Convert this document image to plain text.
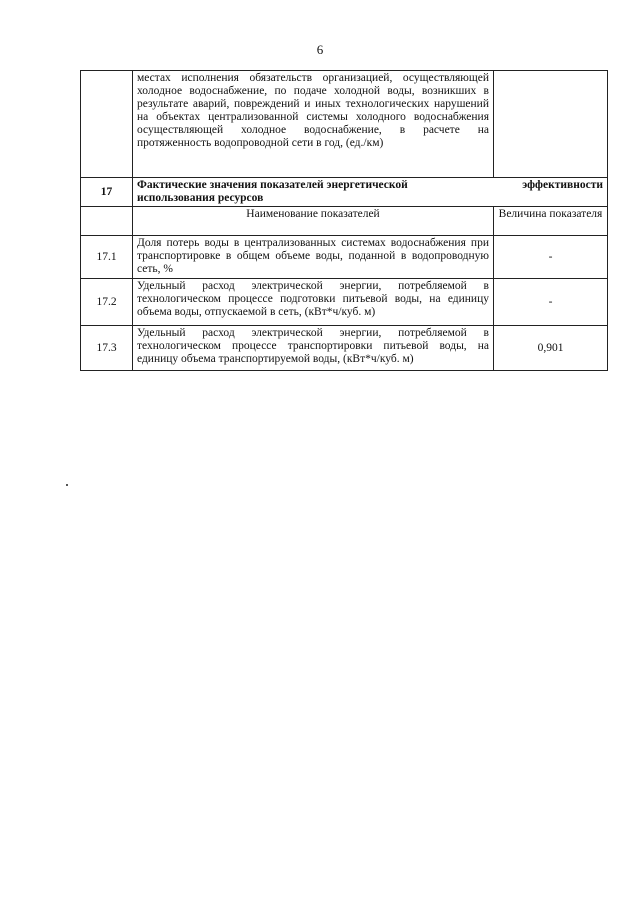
6
	местах исполнения обязательств организацией, осуществляющей холодное водоснабжение, по подаче холодной воды, возникших в результате аварий, повреждений и иных технологических нарушений на объектах централизованной системы холодного водоснабжения осуществляющей холодное водоснабжение, в расчете на протяженность водопроводной сети в год, (ед./км)	
17	Фактические значения показателей энергетической эффективности
использования ресурсов	

	Наименование показателей	Величина показателя
17.1	Доля потерь воды в централизованных системах водоснабжения при транспортировке в общем объеме воды, поданной в водопроводную сеть, %	-
17.2	Удельный расход электрической энергии, потребляемой в технологическом процессе подготовки питьевой воды, на единицу объема воды, отпускаемой в сеть, (кВт*ч/куб. м)	-
17.3	Удельный расход электрической энергии, потребляемой в технологическом процессе транспортировки питьевой воды, на единицу объема транспортируемой воды, (кВт*ч/куб. м)	0,901
